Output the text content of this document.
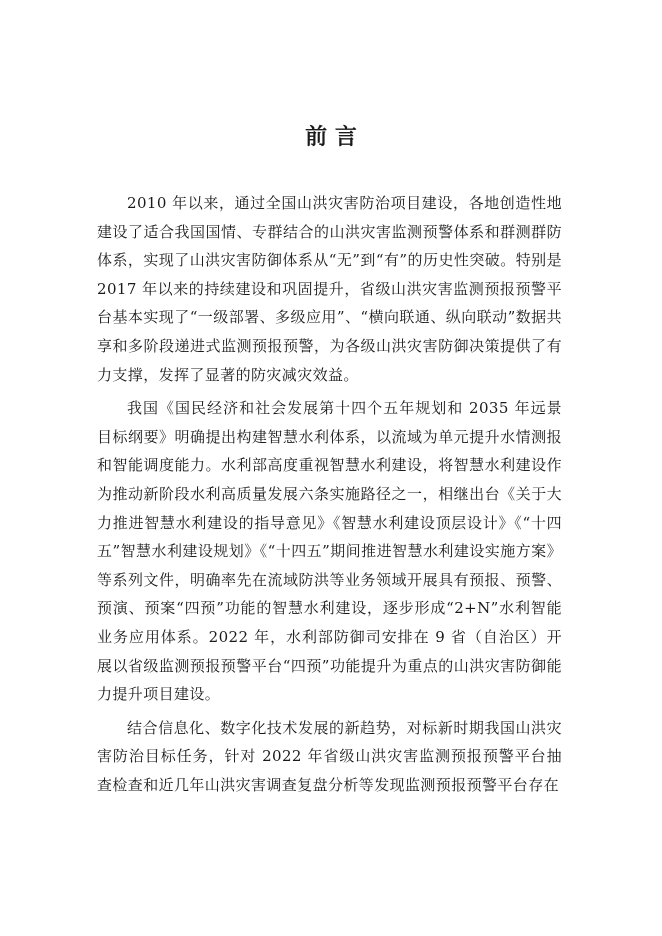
前 言

2010 年以来，通过全国山洪灾害防治项目建设，各地创造性地建设了适合我国国情、专群结合的山洪灾害监测预警体系和群测群防体系，实现了山洪灾害防御体系从“无”到“有”的历史性突破。特别是 2017 年以来的持续建设和巩固提升，省级山洪灾害监测预报预警平台基本实现了“一级部署、多级应用”、“横向联通、纵向联动”数据共享和多阶段递进式监测预报预警，为各级山洪灾害防御决策提供了有力支撑，发挥了显著的防灾减灾效益。

我国《国民经济和社会发展第十四个五年规划和 2035 年远景目标纲要》明确提出构建智慧水利体系，以流域为单元提升水情测报和智能调度能力。水利部高度重视智慧水利建设，将智慧水利建设作为推动新阶段水利高质量发展六条实施路径之一，相继出台《关于大力推进智慧水利建设的指导意见》《智慧水利建设顶层设计》《“十四五”智慧水利建设规划》《“十四五”期间推进智慧水利建设实施方案》等系列文件，明确率先在流域防洪等业务领域开展具有预报、预警、预演、预案“四预”功能的智慧水利建设，逐步形成“2+N”水利智能业务应用体系。2022 年，水利部防御司安排在 9 省（自治区）开展以省级监测预报预警平台“四预”功能提升为重点的山洪灾害防御能力提升项目建设。

结合信息化、数字化技术发展的新趋势，对标新时期我国山洪灾害防治目标任务，针对 2022 年省级山洪灾害监测预报预警平台抽查检查和近几年山洪灾害调查复盘分析等发现监测预报预警平台存在
